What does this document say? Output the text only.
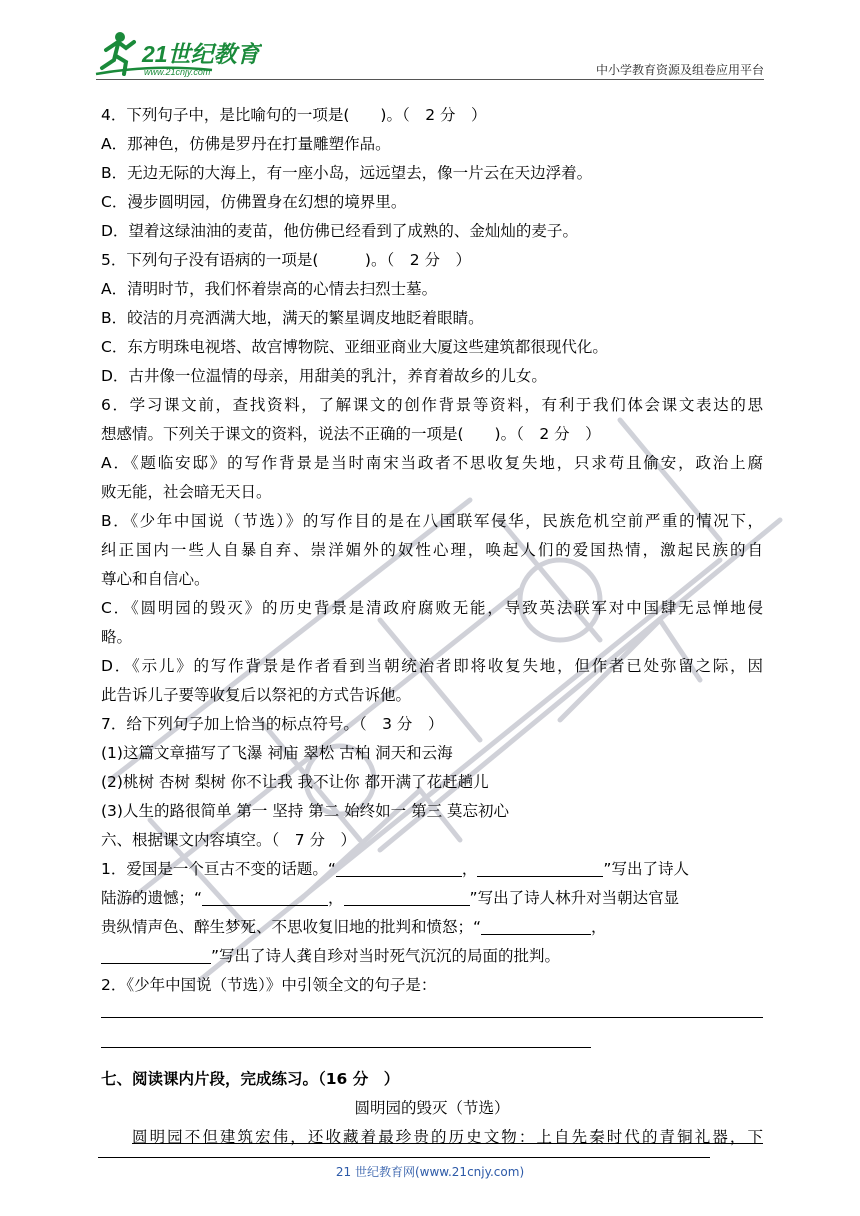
21世纪教育
www.21cnjy.com	中小学教育资源及组卷应用平台
4．下列句子中，是比喻句的一项是(　　)。（　2 分　）
A．那神色，仿佛是罗丹在打量雕塑作品。
B．无边无际的大海上，有一座小岛，远远望去，像一片云在天边浮着。
C．漫步圆明园，仿佛置身在幻想的境界里。
D．望着这绿油油的麦苗，他仿佛已经看到了成熟的、金灿灿的麦子。
5．下列句子没有语病的一项是(　　　)。（　2 分　）
A．清明时节，我们怀着崇高的心情去扫烈士墓。
B．皎洁的月亮洒满大地，满天的繁星调皮地眨着眼睛。
C．东方明珠电视塔、故宫博物院、亚细亚商业大厦这些建筑都很现代化。
D．古井像一位温情的母亲，用甜美的乳汁，养育着故乡的儿女。
6．学习课文前，查找资料，了解课文的创作背景等资料，有利于我们体会课文表达的思
想感情。下列关于课文的资料，说法不正确的一项是(　　)。（　2 分　）
A．《题临安邸》的写作背景是当时南宋当政者不思收复失地，只求苟且偷安，政治上腐
败无能，社会暗无天日。
B．《少年中国说（节选）》的写作目的是在八国联军侵华，民族危机空前严重的情况下，
纠正国内一些人自暴自弃、崇洋媚外的奴性心理，唤起人们的爱国热情，激起民族的自
尊心和自信心。
C．《圆明园的毁灭》的历史背景是清政府腐败无能，导致英法联军对中国肆无忌惮地侵
略。
D．《示儿》的写作背景是作者看到当朝统治者即将收复失地，但作者已处弥留之际，因
此告诉儿子要等收复后以祭祀的方式告诉他。
7．给下列句子加上恰当的标点符号。（　3 分　）
(1)这篇文章描写了飞瀑 祠庙 翠松 古柏 洞天和云海
(2)桃树 杏树 梨树 你不让我 我不让你 都开满了花赶趟儿
(3)人生的路很简单 第一 坚持 第二 始终如一 第三 莫忘初心
六、根据课文内容填空。（　7 分　）
1．爱国是一个亘古不变的话题。“	，	”写出了诗人
陆游的遗憾；“	，	”写出了诗人林升对当朝达官显
贵纵情声色、醉生梦死、不思收复旧地的批判和愤怒；“	，
”写出了诗人龚自珍对当时死气沉沉的局面的批判。
2．《少年中国说（节选）》中引领全文的句子是：
七、阅读课内片段，完成练习。（16 分　）
圆明园的毁灭（节选）
圆明园不但建筑宏伟，还收藏着最珍贵的历史文物：上自先秦时代的青铜礼器，下
21 世纪教育网(www.21cnjy.com)
